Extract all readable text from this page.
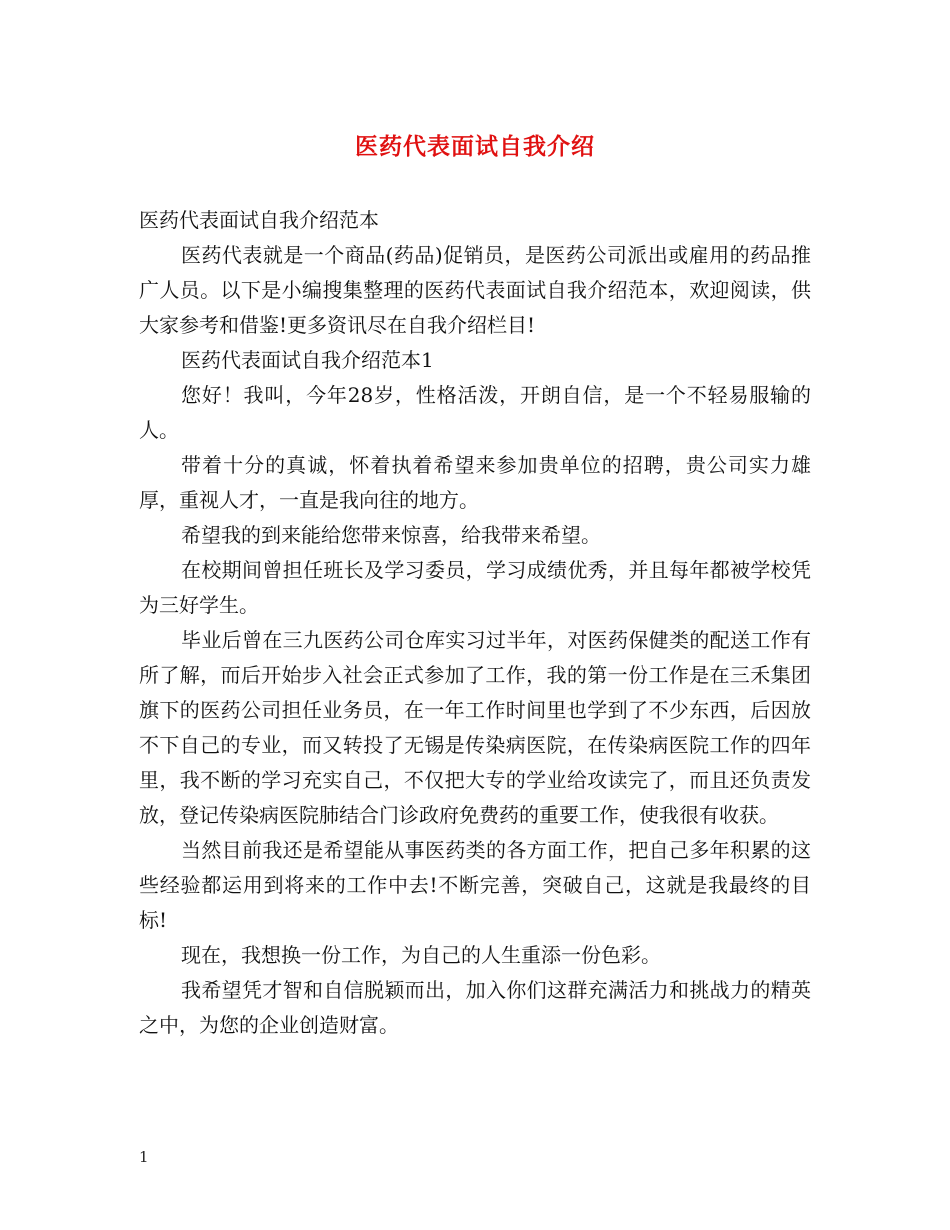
医药代表面试自我介绍

医药代表面试自我介绍范本

医药代表就是一个商品(药品)促销员，是医药公司派出或雇用的药品推广人员。以下是小编搜集整理的医药代表面试自我介绍范本，欢迎阅读，供大家参考和借鉴!更多资讯尽在自我介绍栏目!

医药代表面试自我介绍范本1

您好！我叫，今年28岁，性格活泼，开朗自信，是一个不轻易服输的人。

带着十分的真诚，怀着执着希望来参加贵单位的招聘，贵公司实力雄厚，重视人才，一直是我向往的地方。

希望我的到来能给您带来惊喜，给我带来希望。

在校期间曾担任班长及学习委员，学习成绩优秀，并且每年都被学校凭为三好学生。

毕业后曾在三九医药公司仓库实习过半年，对医药保健类的配送工作有所了解，而后开始步入社会正式参加了工作，我的第一份工作是在三禾集团旗下的医药公司担任业务员，在一年工作时间里也学到了不少东西，后因放不下自己的专业，而又转投了无锡是传染病医院，在传染病医院工作的四年里，我不断的学习充实自己，不仅把大专的学业给攻读完了，而且还负责发放，登记传染病医院肺结合门诊政府免费药的重要工作，使我很有收获。

当然目前我还是希望能从事医药类的各方面工作，把自己多年积累的这些经验都运用到将来的工作中去!不断完善，突破自己，这就是我最终的目标!

现在，我想换一份工作，为自己的人生重添一份色彩。

我希望凭才智和自信脱颖而出，加入你们这群充满活力和挑战力的精英之中，为您的企业创造财富。

1
